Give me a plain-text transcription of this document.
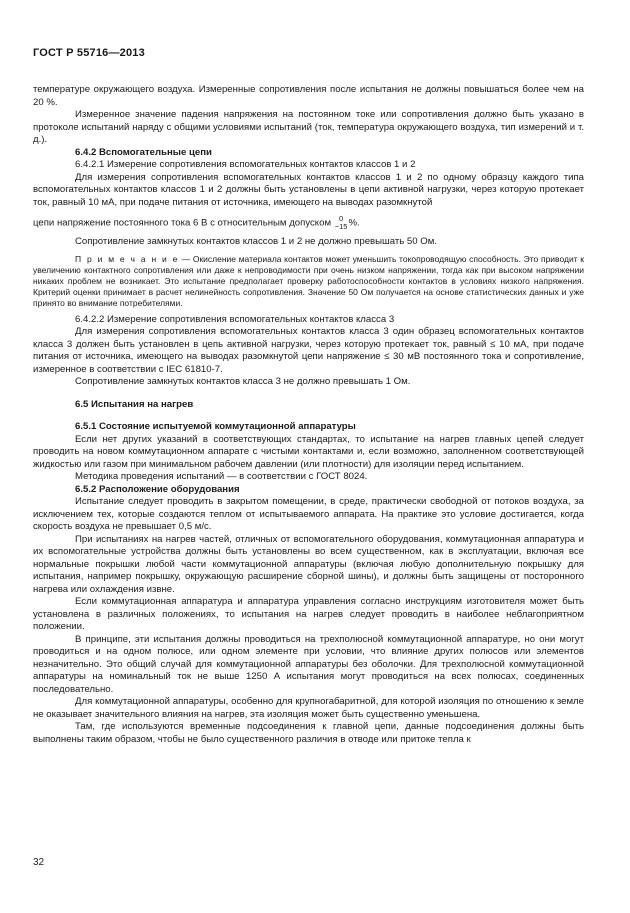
ГОСТ Р 55716—2013

температуре окружающего воздуха. Измеренные сопротивления после испытания не должны повышаться более чем на 20 %.

Измеренное значение падения напряжения на постоянном токе или сопротивления должно быть указано в протоколе испытаний наряду с общими условиями испытаний (ток, температура окружающего воздуха, тип измерений и т. д.).

6.4.2 Вспомогательные цепи

6.4.2.1 Измерение сопротивления вспомогательных контактов классов 1 и 2

Для измерения сопротивления вспомогательных контактов классов 1 и 2 по одному образцу каждого типа вспомогательных контактов классов 1 и 2 должны быть установлены в цепи активной нагрузки, через которую протекает ток, равный 10 мА, при подаче питания от источника, имеющего на выводах разомкнутой

цепи напряжение постоянного тока 6 В с относительным допуском	0
−15 %.

Сопротивление замкнутых контактов классов 1 и 2 не должно превышать 50 Ом.

П р и м е ч а н и е — Окисление материала контактов может уменьшить токопроводящую способность. Это приводит к увеличению контактного сопротивления или даже к непроводимости при очень низком напряжении, тогда как при высоком напряжении никаких проблем не возникает. Это испытание предполагает проверку работоспособности контактов в условиях низкого напряжения. Критерий оценки принимает в расчет нелинейность сопротивления. Значение 50 Ом получается на основе статистических данных и уже принято во внимание потребителями.

6.4.2.2 Измерение сопротивления вспомогательных контактов класса 3

Для измерения сопротивления вспомогательных контактов класса 3 один образец вспомогательных контактов класса 3 должен быть установлен в цепь активной нагрузки, через которую протекает ток, равный ≤ 10 мА, при подаче питания от источника, имеющего на выводах разомкнутой цепи напряжение ≤ 30 мВ постоянного тока и сопротивление, измеренное в соответствии с IEC 61810-7.

Сопротивление замкнутых контактов класса 3 не должно превышать 1 Ом.

6.5 Испытания на нагрев

6.5.1 Состояние испытуемой коммутационной аппаратуры

Если нет других указаний в соответствующих стандартах, то испытание на нагрев главных цепей следует проводить на новом коммутационном аппарате с чистыми контактами и, если возможно, заполненном соответствующей жидкостью или газом при минимальном рабочем давлении (или плотности) для изоляции перед испытанием.

Методика проведения испытаний — в соответствии с ГОСТ 8024.

6.5.2 Расположение оборудования

Испытание следует проводить в закрытом помещении, в среде, практически свободной от потоков воздуха, за исключением тех, которые создаются теплом от испытываемого аппарата. На практике это условие достигается, когда скорость воздуха не превышает 0,5 м/с.

При испытаниях на нагрев частей, отличных от вспомогательного оборудования, коммутационная аппаратура и их вспомогательные устройства должны быть установлены во всем существенном, как в эксплуатации, включая все нормальные покрышки любой части коммутационной аппаратуры (включая любую дополнительную покрышку для испытания, например покрышку, окружающую расширение сборной шины), и должны быть защищены от посторонного нагрева или охлаждения извне.

Если коммутационная аппаратура и аппаратура управления согласно инструкциям изготовителя может быть установлена в различных положениях, то испытания на нагрев следует проводить в наиболее неблагоприятном положении.

В принципе, эти испытания должны проводиться на трехполюсной коммутационной аппаратуре, но они могут проводиться и на одном полюсе, или одном элементе при условии, что влияние других полюсов или элементов незначительно. Это общий случай для коммутационной аппаратуры без оболочки. Для трехполюсной коммутационной аппаратуры на номинальный ток не выше 1250 А испытания могут проводиться на всех полюсах, соединенных последовательно.

Для коммутационной аппаратуры, особенно для крупногабаритной, для которой изоляция по отношению к земле не оказывает значительного влияния на нагрев, эта изоляция может быть существенно уменьшена.

Там, где используются временные подсоединения к главной цепи, данные подсоединения должны быть выполнены таким образом, чтобы не было существенного различия в отводе или притоке тепла к

32
